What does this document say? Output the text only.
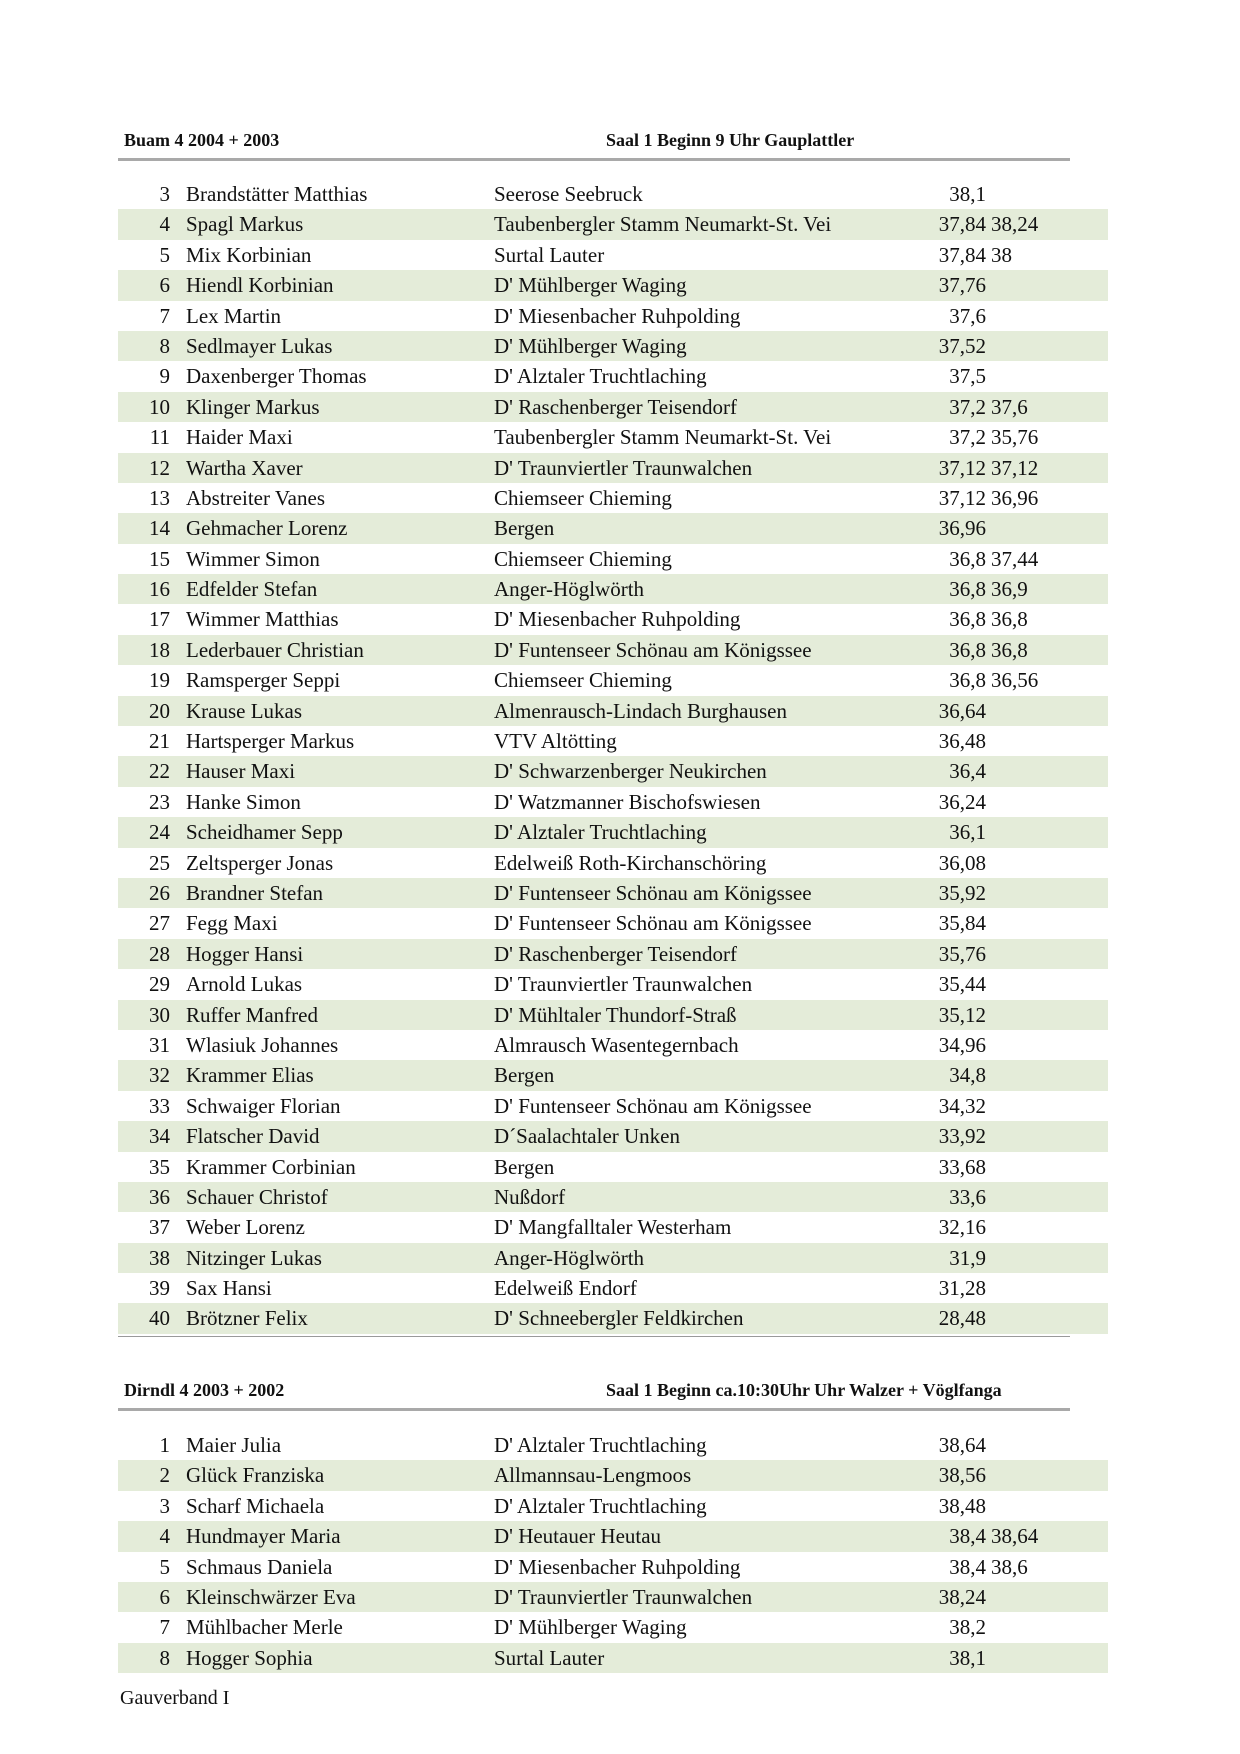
Buam 4 2004 + 2003	Saal 1 Beginn 9 Uhr Gauplattler
3 Brandstätter Matthias	Seerose Seebruck	38,1
4 Spagl Markus	Taubenbergler Stamm Neumarkt-St. Vei	37,84 38,24
5 Mix Korbinian	Surtal Lauter	37,84 38
6 Hiendl Korbinian	D' Mühlberger Waging	37,76
7 Lex Martin	D' Miesenbacher Ruhpolding	37,6
8 Sedlmayer Lukas	D' Mühlberger Waging	37,52
9 Daxenberger Thomas	D' Alztaler Truchtlaching	37,5
10 Klinger Markus	D' Raschenberger Teisendorf	37,2 37,6
11 Haider Maxi	Taubenbergler Stamm Neumarkt-St. Vei	37,2 35,76
12 Wartha Xaver	D' Traunviertler Traunwalchen	37,12 37,12
13 Abstreiter Vanes	Chiemseer Chieming	37,12 36,96
14 Gehmacher Lorenz	Bergen	36,96
15 Wimmer Simon	Chiemseer Chieming	36,8 37,44
16 Edfelder Stefan	Anger-Höglwörth	36,8 36,9
17 Wimmer Matthias	D' Miesenbacher Ruhpolding	36,8 36,8
18 Lederbauer Christian	D' Funtenseer Schönau am Königssee	36,8 36,8
19 Ramsperger Seppi	Chiemseer Chieming	36,8 36,56
20 Krause Lukas	Almenrausch-Lindach Burghausen	36,64
21 Hartsperger Markus	VTV Altötting	36,48
22 Hauser Maxi	D' Schwarzenberger Neukirchen	36,4
23 Hanke Simon	D' Watzmanner Bischofswiesen	36,24
24 Scheidhamer Sepp	D' Alztaler Truchtlaching	36,1
25 Zeltsperger Jonas	Edelweiß Roth-Kirchanschöring	36,08
26 Brandner Stefan	D' Funtenseer Schönau am Königssee	35,92
27 Fegg Maxi	D' Funtenseer Schönau am Königssee	35,84
28 Hogger Hansi	D' Raschenberger Teisendorf	35,76
29 Arnold Lukas	D' Traunviertler Traunwalchen	35,44
30 Ruffer Manfred	D' Mühltaler Thundorf-Straß	35,12
31 Wlasiuk Johannes	Almrausch Wasentegernbach	34,96
32 Krammer Elias	Bergen	34,8
33 Schwaiger Florian	D' Funtenseer Schönau am Königssee	34,32
34 Flatscher David	D´Saalachtaler Unken	33,92
35 Krammer Corbinian	Bergen	33,68
36 Schauer Christof	Nußdorf	33,6
37 Weber Lorenz	D' Mangfalltaler Westerham	32,16
38 Nitzinger Lukas	Anger-Höglwörth	31,9
39 Sax Hansi	Edelweiß Endorf	31,28
40 Brötzner Felix	D' Schneebergler Feldkirchen	28,48
Dirndl 4 2003 + 2002	Saal 1 Beginn ca.10:30Uhr Uhr Walzer + Vöglfanga
1 Maier Julia	D' Alztaler Truchtlaching	38,64
2 Glück Franziska	Allmannsau-Lengmoos	38,56
3 Scharf Michaela	D' Alztaler Truchtlaching	38,48
4 Hundmayer Maria	D' Heutauer Heutau	38,4 38,64
5 Schmaus Daniela	D' Miesenbacher Ruhpolding	38,4 38,6
6 Kleinschwärzer Eva	D' Traunviertler Traunwalchen	38,24
7 Mühlbacher Merle	D' Mühlberger Waging	38,2
8 Hogger Sophia	Surtal Lauter	38,1
Gauverband I
